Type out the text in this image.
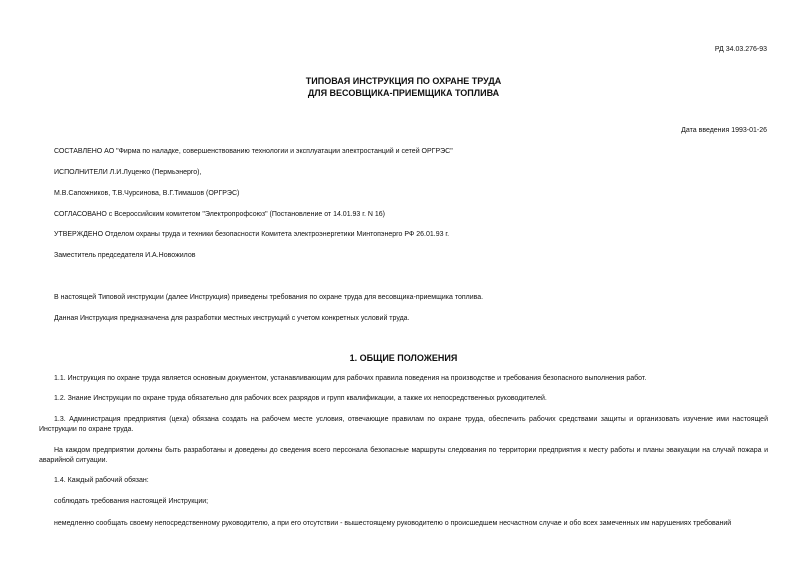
РД 34.03.276-93
ТИПОВАЯ ИНСТРУКЦИЯ ПО ОХРАНЕ ТРУДА
ДЛЯ ВЕСОВЩИКА-ПРИЕМЩИКА ТОПЛИВА
Дата введения 1993-01-26
СОСТАВЛЕНО АО "Фирма по наладке, совершенствованию технологии и эксплуатации электростанций и сетей ОРГРЭС"
ИСПОЛНИТЕЛИ Л.И.Луценко (Пермьэнерго),
М.В.Сапожников, Т.В.Чурсинова, В.Г.Тимашов (ОРГРЭС)
СОГЛАСОВАНО с Всероссийским комитетом "Электропрофсоюз" (Постановление от 14.01.93 г. N 16)
УТВЕРЖДЕНО Отделом охраны труда и техники безопасности Комитета электроэнергетики Минтопэнерго РФ 26.01.93 г.
Заместитель председателя И.А.Новожилов
В настоящей Типовой инструкции (далее Инструкция) приведены требования по охране труда для весовщика-приемщика топлива.
Данная Инструкция предназначена для разработки местных инструкций с учетом конкретных условий труда.
1. ОБЩИЕ ПОЛОЖЕНИЯ
1.1. Инструкция по охране труда является основным документом, устанавливающим для рабочих правила поведения на производстве и требования безопасного выполнения работ.
1.2. Знание Инструкции по охране труда обязательно для рабочих всех разрядов и групп квалификации, а также их непосредственных руководителей.
1.3. Администрация предприятия (цеха) обязана создать на рабочем месте условия, отвечающие правилам по охране труда, обеспечить рабочих средствами защиты и организовать изучение ими настоящей Инструкции по охране труда.
На каждом предприятии должны быть разработаны и доведены до сведения всего персонала безопасные маршруты следования по территории предприятия к месту работы и планы эвакуации на случай пожара и аварийной ситуации.
1.4. Каждый рабочий обязан:
соблюдать требования настоящей Инструкции;
немедленно сообщать своему непосредственному руководителю, а при его отсутствии - вышестоящему руководителю о происшедшем несчастном случае и обо всех замеченных им нарушениях требований
